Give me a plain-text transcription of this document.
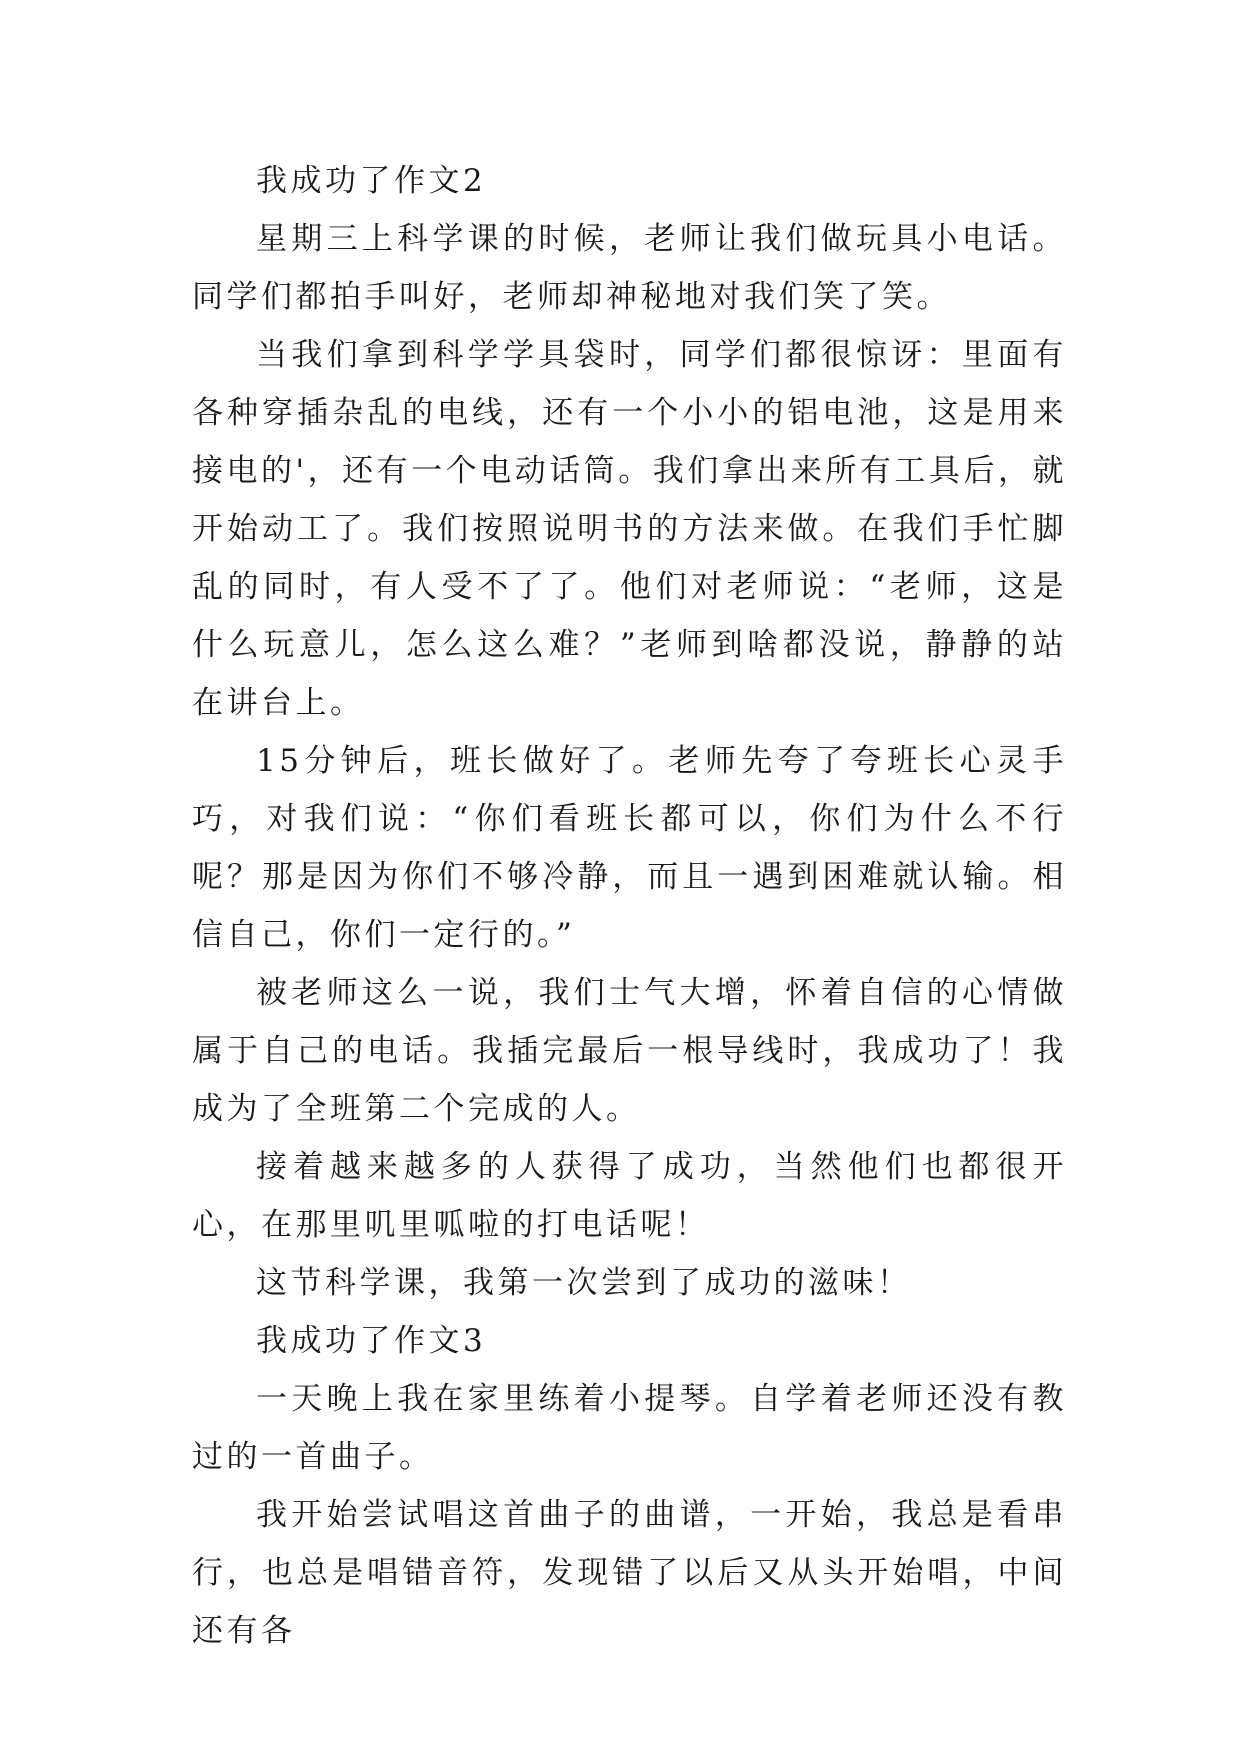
我成功了作文2

星期三上科学课的时候，老师让我们做玩具小电话。同学们都拍手叫好，老师却神秘地对我们笑了笑。

当我们拿到科学学具袋时，同学们都很惊讶：里面有各种穿插杂乱的电线，还有一个小小的铝电池，这是用来接电的'，还有一个电动话筒。我们拿出来所有工具后，就开始动工了。我们按照说明书的方法来做。在我们手忙脚乱的同时，有人受不了了。他们对老师说：“老师，这是什么玩意儿，怎么这么难？”老师到啥都没说，静静的站在讲台上。

15分钟后，班长做好了。老师先夸了夸班长心灵手巧，对我们说：“你们看班长都可以，你们为什么不行呢？那是因为你们不够冷静，而且一遇到困难就认输。相信自己，你们一定行的。”

被老师这么一说，我们士气大增，怀着自信的心情做属于自己的电话。我插完最后一根导线时，我成功了！我成为了全班第二个完成的人。

接着越来越多的人获得了成功，当然他们也都很开心，在那里叽里呱啦的打电话呢！

这节科学课，我第一次尝到了成功的滋味！

我成功了作文3

一天晚上我在家里练着小提琴。自学着老师还没有教过的一首曲子。

我开始尝试唱这首曲子的曲谱，一开始，我总是看串行，也总是唱错音符，发现错了以后又从头开始唱，中间还有各
